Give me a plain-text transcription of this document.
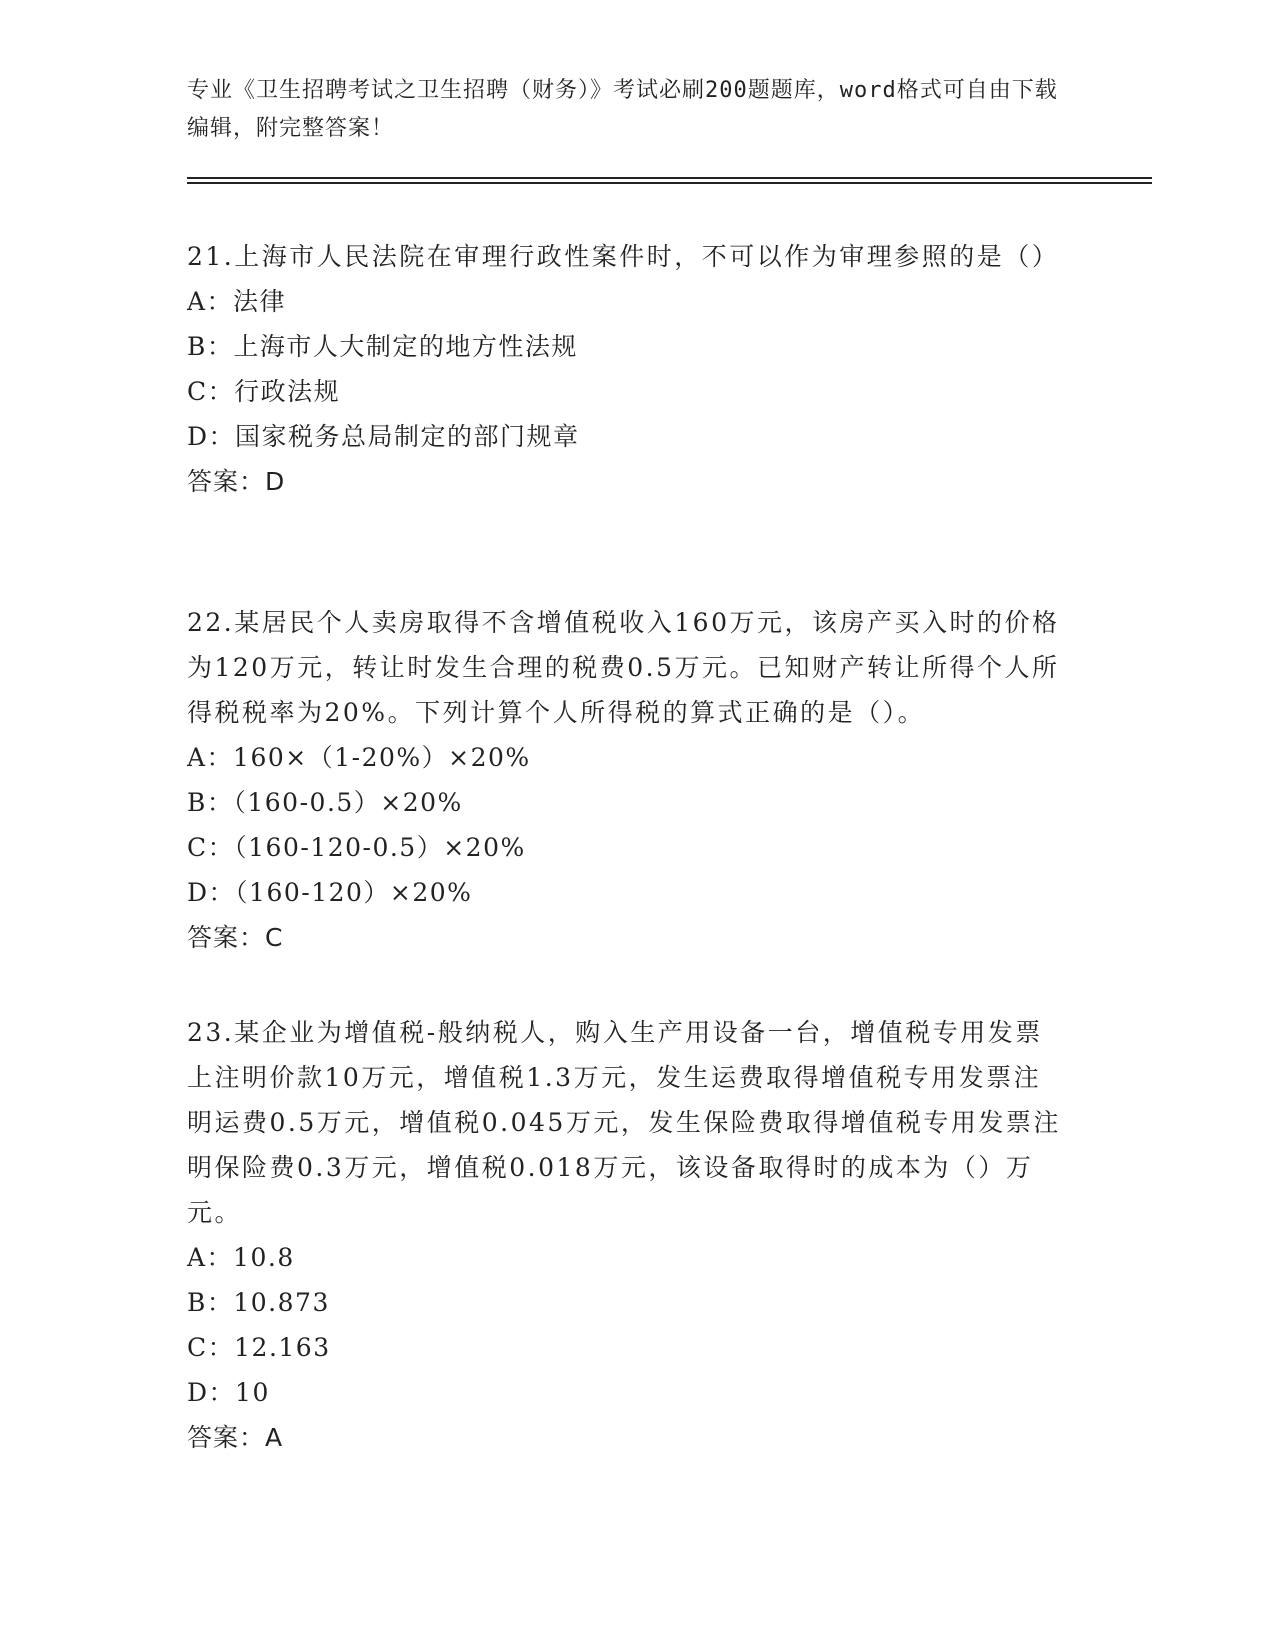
专业《卫生招聘考试之卫生招聘（财务）》考试必刷200题题库，word格式可自由下载编辑，附完整答案！
21.上海市人民法院在审理行政性案件时，不可以作为审理参照的是（）
A：法律
B：上海市人大制定的地方性法规
C：行政法规
D：国家税务总局制定的部门规章
答案：D
22.某居民个人卖房取得不含增值税收入160万元，该房产买入时的价格为120万元，转让时发生合理的税费0.5万元。已知财产转让所得个人所得税税率为20%。下列计算个人所得税的算式正确的是（）。
A：160×（1-20%）×20%
B：（160-0.5）×20%
C：（160-120-0.5）×20%
D：（160-120）×20%
答案：C
23.某企业为增值税-般纳税人，购入生产用设备一台，增值税专用发票上注明价款10万元，增值税1.3万元，发生运费取得增值税专用发票注明运费0.5万元，增值税0.045万元，发生保险费取得增值税专用发票注明保险费0.3万元，增值税0.018万元，该设备取得时的成本为（）万元。
A：10.8
B：10.873
C：12.163
D：10
答案：A
